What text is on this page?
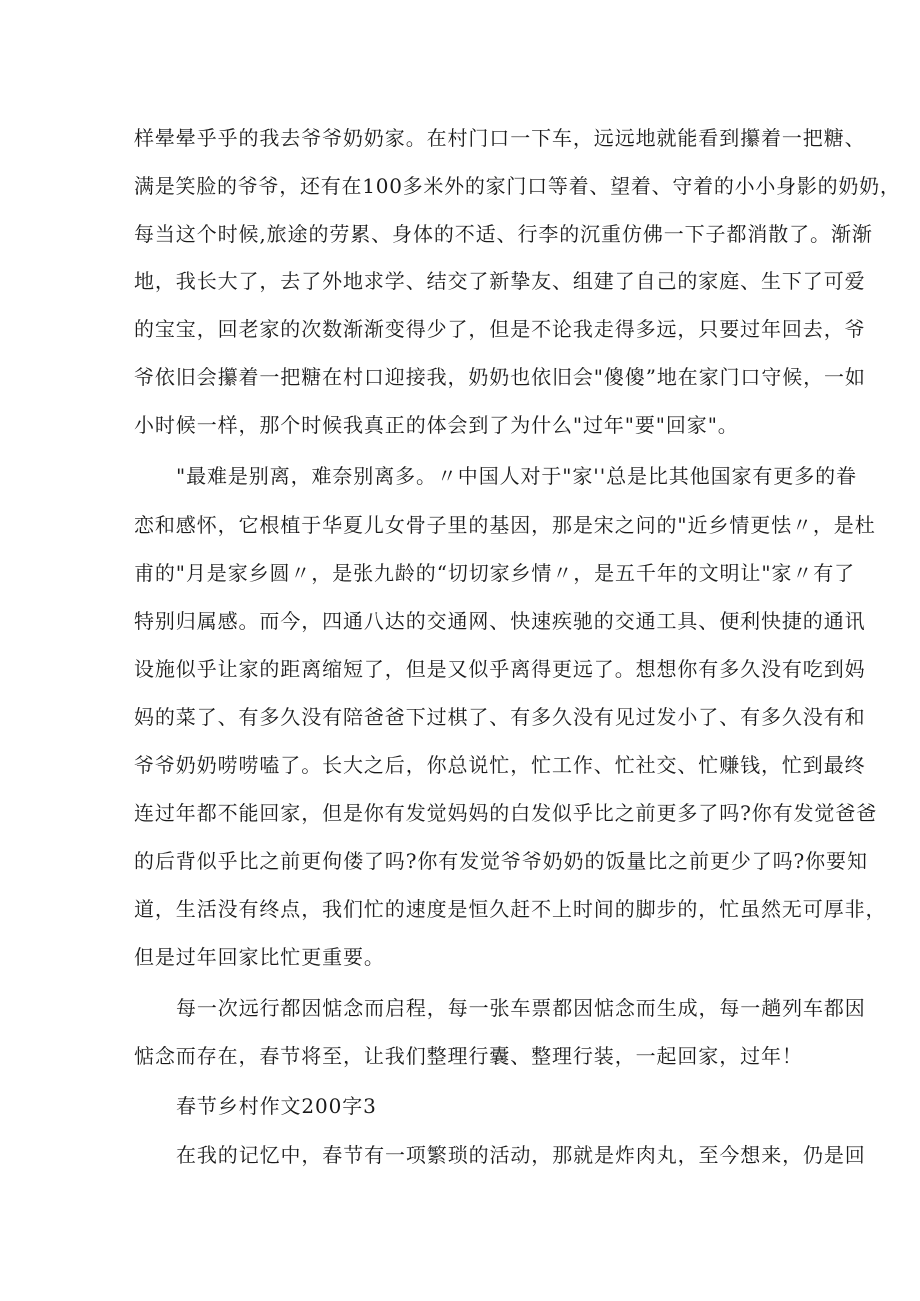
样晕晕乎乎的我去爷爷奶奶家。在村门口一下车，远远地就能看到攥着一把糖、
满是笑脸的爷爷，还有在100多米外的家门口等着、望着、守着的小小身影的奶奶，
每当这个时候,旅途的劳累、身体的不适、行李的沉重仿佛一下子都消散了。渐渐
地，我长大了，去了外地求学、结交了新挚友、组建了自己的家庭、生下了可爱
的宝宝，回老家的次数渐渐变得少了，但是不论我走得多远，只要过年回去，爷
爷依旧会攥着一把糖在村口迎接我，奶奶也依旧会"傻傻”地在家门口守候，一如
小时候一样，那个时候我真正的体会到了为什么"过年"要"回家"。
"最难是别离，难奈别离多。〃中国人对于"家''总是比其他国家有更多的眷
恋和感怀，它根植于华夏儿女骨子里的基因，那是宋之问的"近乡情更怯〃，是杜
甫的"月是家乡圆〃，是张九龄的“切切家乡情〃，是五千年的文明让"家〃有了
特别归属感。而今，四通八达的交通网、快速疾驰的交通工具、便利快捷的通讯
设施似乎让家的距离缩短了，但是又似乎离得更远了。想想你有多久没有吃到妈
妈的菜了、有多久没有陪爸爸下过棋了、有多久没有见过发小了、有多久没有和
爷爷奶奶唠唠嗑了。长大之后，你总说忙，忙工作、忙社交、忙赚钱，忙到最终
连过年都不能回家，但是你有发觉妈妈的白发似乎比之前更多了吗?你有发觉爸爸
的后背似乎比之前更佝偻了吗?你有发觉爷爷奶奶的饭量比之前更少了吗?你要知
道，生活没有终点，我们忙的速度是恒久赶不上时间的脚步的，忙虽然无可厚非，
但是过年回家比忙更重要。
每一次远行都因惦念而启程，每一张车票都因惦念而生成，每一趟列车都因
惦念而存在，春节将至，让我们整理行囊、整理行装，一起回家，过年！
春节乡村作文200字3
在我的记忆中，春节有一项繁琐的活动，那就是炸肉丸，至今想来，仍是回
